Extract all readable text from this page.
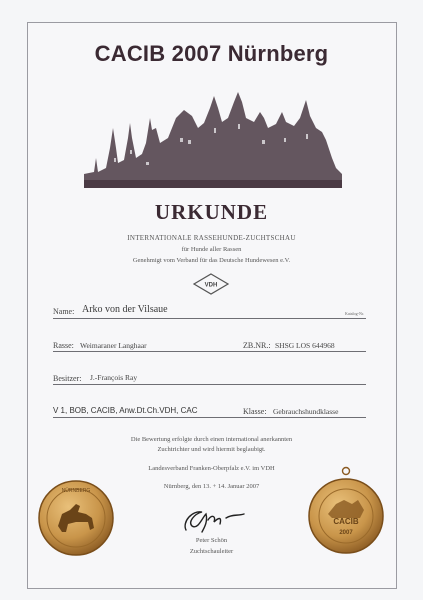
CACIB 2007 Nürnberg
URKUNDE
INTERNATIONALE RASSEHUNDE-ZUCHTSCHAU
für Hunde aller Rassen
Genehmigt vom Verband für das Deutsche Hundewesen e.V.
VDH
Name: Arko von der Vilsaue	Katalog-Nr.
Rasse: Weimaraner Langhaar	ZB.NR.: SHSG LOS 644968
Besitzer: J.-François Ray
V 1, BOB, CACIB, Anw.Dt.Ch.VDH, CAC	Klasse: Gebrauchshundklasse
Die Bewertung erfolgte durch einen international anerkannten
Zuchtrichter und wird hiermit beglaubigt.
Landesverband Franken-Oberpfalz e.V. im VDH
Nürnberg, den 13. + 14. Januar 2007
Peter Schön
Zuchtschauleiter
NÜRNBERG
CACIB
2007
